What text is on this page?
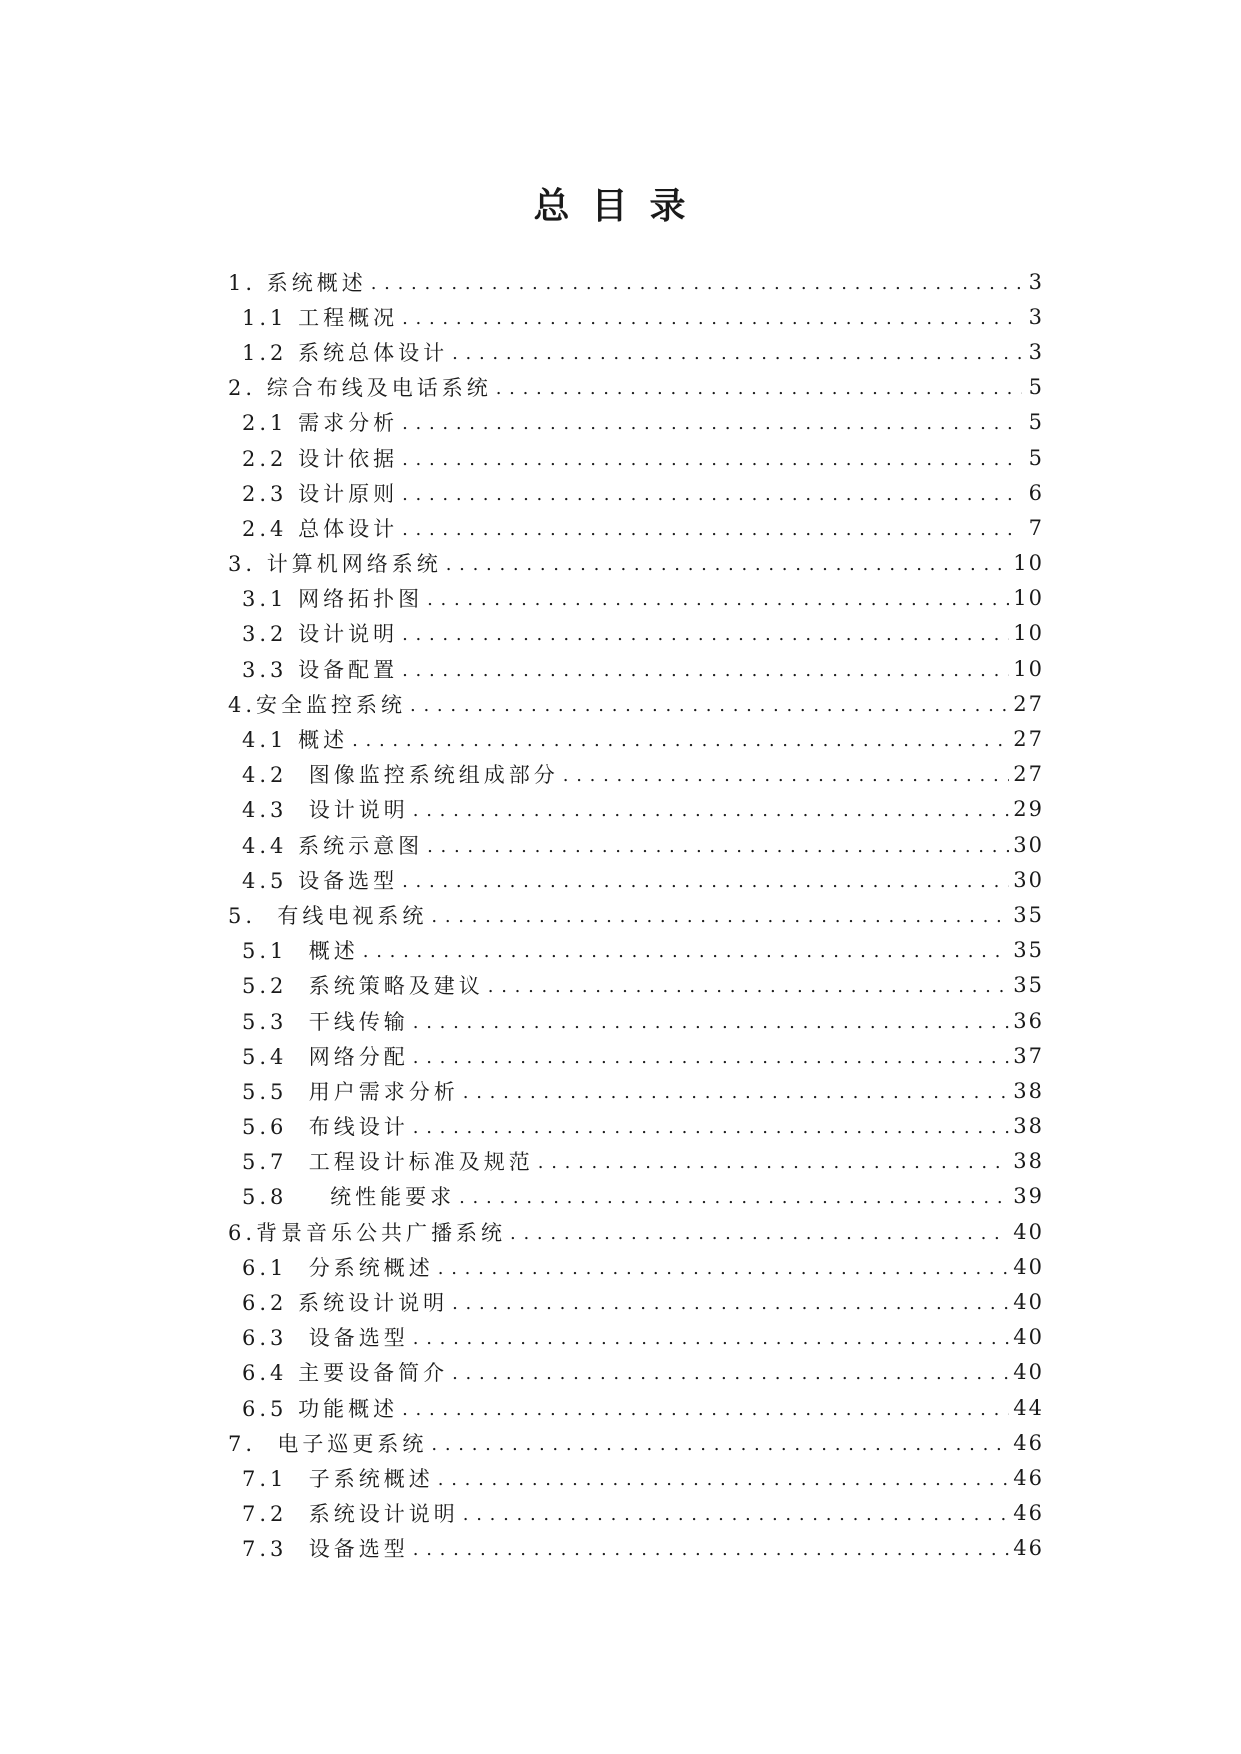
总目录
1. 系统概述 . . .	3
1.1 工程概况 . . .	3
1.2 系统总体设计 . . .	3
2. 综合布线及电话系统 . . .	5
2.1 需求分析 . . .	5
2.2 设计依据 . . .	5
2.3 设计原则 . . .	6
2.4 总体设计 . . .	7
3. 计算机网络系统 . . .	10
3.1 网络拓扑图 . . .	10
3.2 设计说明 . . .	10
3.3 设备配置 . . .	10
4.安全监控系统 . . .	27
4.1 概述 . . .	27
4.2  图像监控系统组成部分 . . .	27
4.3  设计说明 . . .	29
4.4 系统示意图 . . .	30
4.5 设备选型 . . .	30
5.  有线电视系统 . . .	35
5.1  概述 . . .	35
5.2  系统策略及建议 . . .	35
5.3  干线传输 . . .	36
5.4  网络分配 . . .	37
5.5  用户需求分析 . . .	38
5.6  布线设计 . . .	38
5.7  工程设计标准及规范 . . .	38
5.8    统性能要求 . . .	39
6.背景音乐公共广播系统 . . .	40
6.1  分系统概述 . . .	40
6.2 系统设计说明 . . .	40
6.3  设备选型 . . .	40
6.4 主要设备简介 . . .	40
6.5 功能概述 . . .	44
7.  电子巡更系统 . . .	46
7.1  子系统概述 . . .	46
7.2  系统设计说明 . . .	46
7.3  设备选型 . . .	46
